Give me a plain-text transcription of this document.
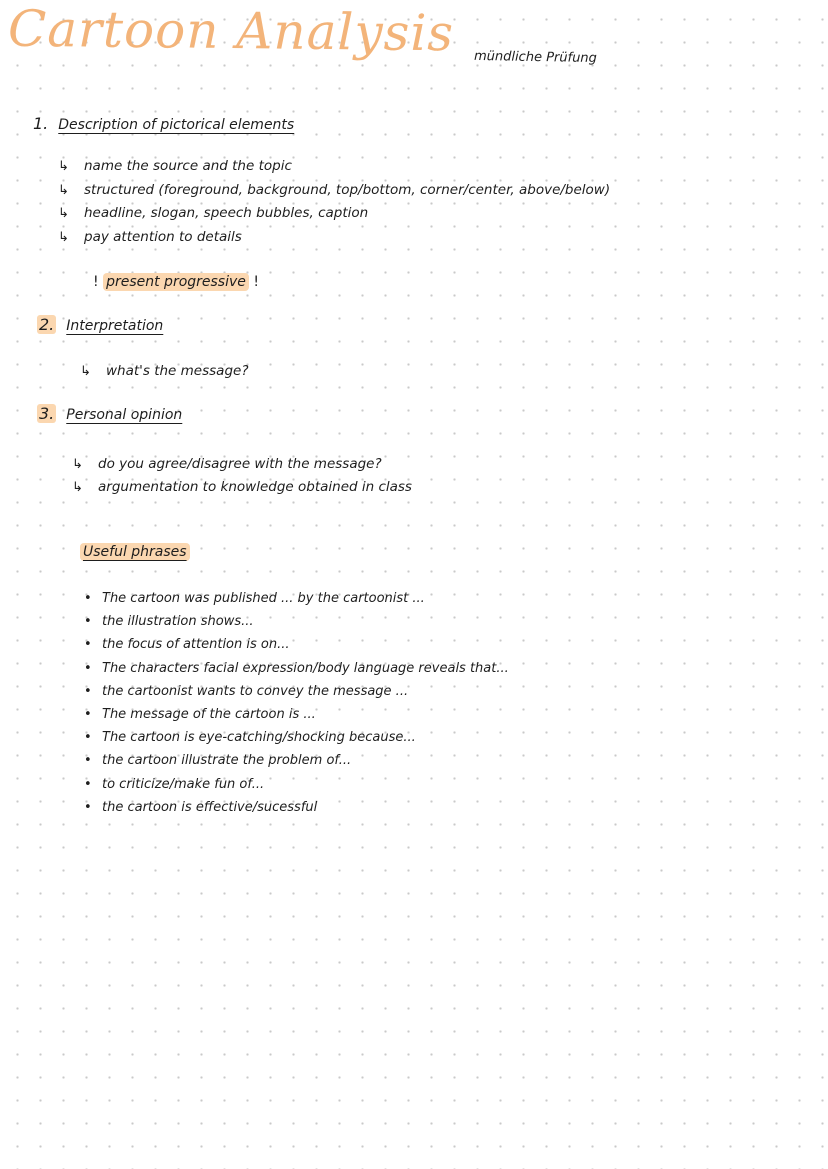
Cartoon Analysis mündliche Prüfung
1. Description of pictorical elements
↳ name the source and the topic
↳ structured (foreground, background, top/bottom, corner/center, above/below)
↳ headline, slogan, speech bubbles, caption
↳ pay attention to details
! present progressive !
2. Interpretation
↳ what's the message?
3. Personal opinion
↳ do you agree/disagree with the message?
↳ argumentation to knowledge obtained in class
Useful phrases
• The cartoon was published ... by the cartoonist ...
• the illustration shows...
• the focus of attention is on...
• The characters facial expression/body language reveals that...
• the cartoonist wants to convey the message ...
• The message of the cartoon is ...
• The cartoon is eye-catching/shocking because...
• the cartoon illustrate the problem of...
• to criticize/make fun of...
• the cartoon is effective/sucessful
